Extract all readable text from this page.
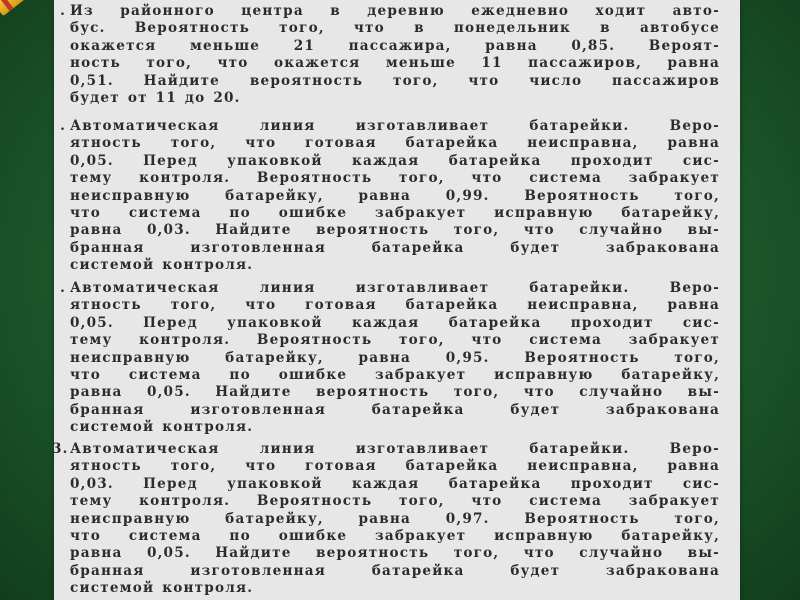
. Из районного центра в деревню ежедневно ходит авто-
бус. Вероятность того, что в понедельник в автобусе
окажется меньше 21 пассажира, равна 0,85. Вероят-
ность того, что окажется меньше 11 пассажиров, равна
0,51. Найдите вероятность того, что число пассажиров
будет от 11 до 20.
. Автоматическая линия изготавливает батарейки. Веро-
ятность того, что готовая батарейка неисправна, равна
0,05. Перед упаковкой каждая батарейка проходит сис-
тему контроля. Вероятность того, что система забракует
неисправную батарейку, равна 0,99. Вероятность того,
что система по ошибке забракует исправную батарейку,
равна 0,03. Найдите вероятность того, что случайно вы-
бранная изготовленная батарейка будет забракована
системой контроля.
. Автоматическая линия изготавливает батарейки. Веро-
ятность того, что готовая батарейка неисправна, равна
0,05. Перед упаковкой каждая батарейка проходит сис-
тему контроля. Вероятность того, что система забракует
неисправную батарейку, равна 0,95. Вероятность того,
что система по ошибке забракует исправную батарейку,
равна 0,05. Найдите вероятность того, что случайно вы-
бранная изготовленная батарейка будет забракована
системой контроля.
3. Автоматическая линия изготавливает батарейки. Веро-
ятность того, что готовая батарейка неисправна, равна
0,03. Перед упаковкой каждая батарейка проходит сис-
тему контроля. Вероятность того, что система забракует
неисправную батарейку, равна 0,97. Вероятность того,
что система по ошибке забракует исправную батарейку,
равна 0,05. Найдите вероятность того, что случайно вы-
бранная изготовленная батарейка будет забракована
системой контроля.
